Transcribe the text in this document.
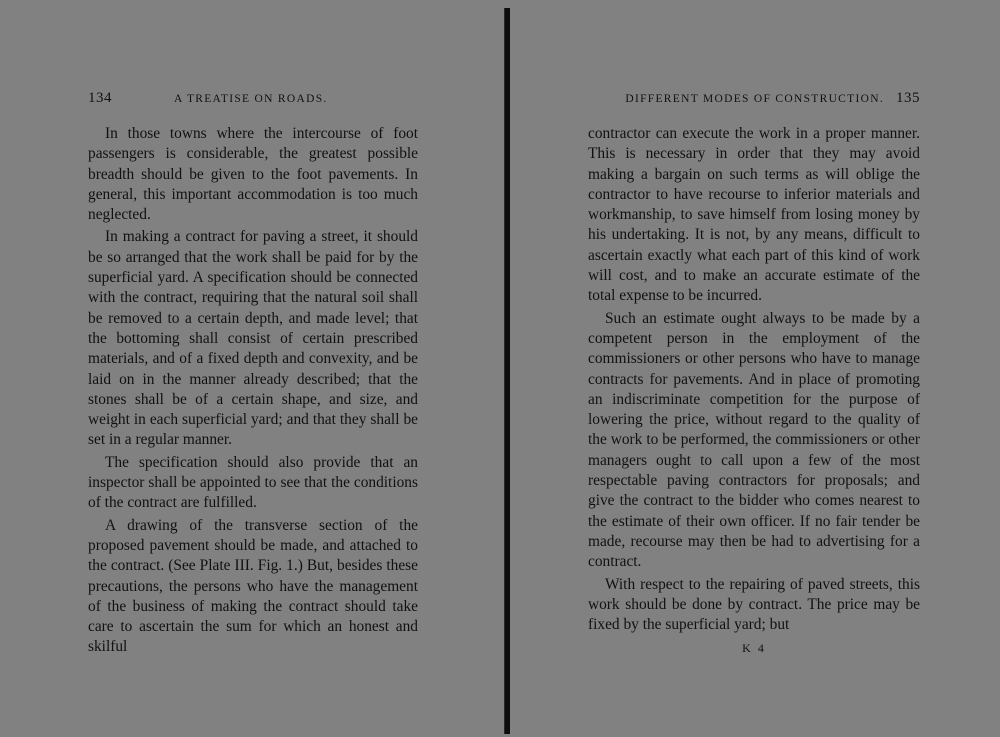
134	A TREATISE ON ROADS.

In those towns where the intercourse of foot passengers is considerable, the greatest possible breadth should be given to the foot pavements. In general, this important accommodation is too much neglected.

In making a contract for paving a street, it should be so arranged that the work shall be paid for by the superficial yard. A specification should be connected with the contract, requiring that the natural soil shall be removed to a certain depth, and made level; that the bottoming shall consist of certain prescribed materials, and of a fixed depth and convexity, and be laid on in the manner already described; that the stones shall be of a certain shape, and size, and weight in each superficial yard; and that they shall be set in a regular manner.

The specification should also provide that an inspector shall be appointed to see that the conditions of the contract are fulfilled.

A drawing of the transverse section of the proposed pavement should be made, and attached to the contract. (See Plate III. Fig. 1.) But, besides these precautions, the persons who have the management of the business of making the contract should take care to ascertain the sum for which an honest and skilful

DIFFERENT MODES OF CONSTRUCTION. 135

contractor can execute the work in a proper manner. This is necessary in order that they may avoid making a bargain on such terms as will oblige the contractor to have recourse to inferior materials and workmanship, to save himself from losing money by his undertaking. It is not, by any means, difficult to ascertain exactly what each part of this kind of work will cost, and to make an accurate estimate of the total expense to be incurred.

Such an estimate ought always to be made by a competent person in the employment of the commissioners or other persons who have to manage contracts for pavements. And in place of promoting an indiscriminate competition for the purpose of lowering the price, without regard to the quality of the work to be performed, the commissioners or other managers ought to call upon a few of the most respectable paving contractors for proposals; and give the contract to the bidder who comes nearest to the estimate of their own officer. If no fair tender be made, recourse may then be had to advertising for a contract.

With respect to the repairing of paved streets, this work should be done by contract. The price may be fixed by the superficial yard; but

K 4
